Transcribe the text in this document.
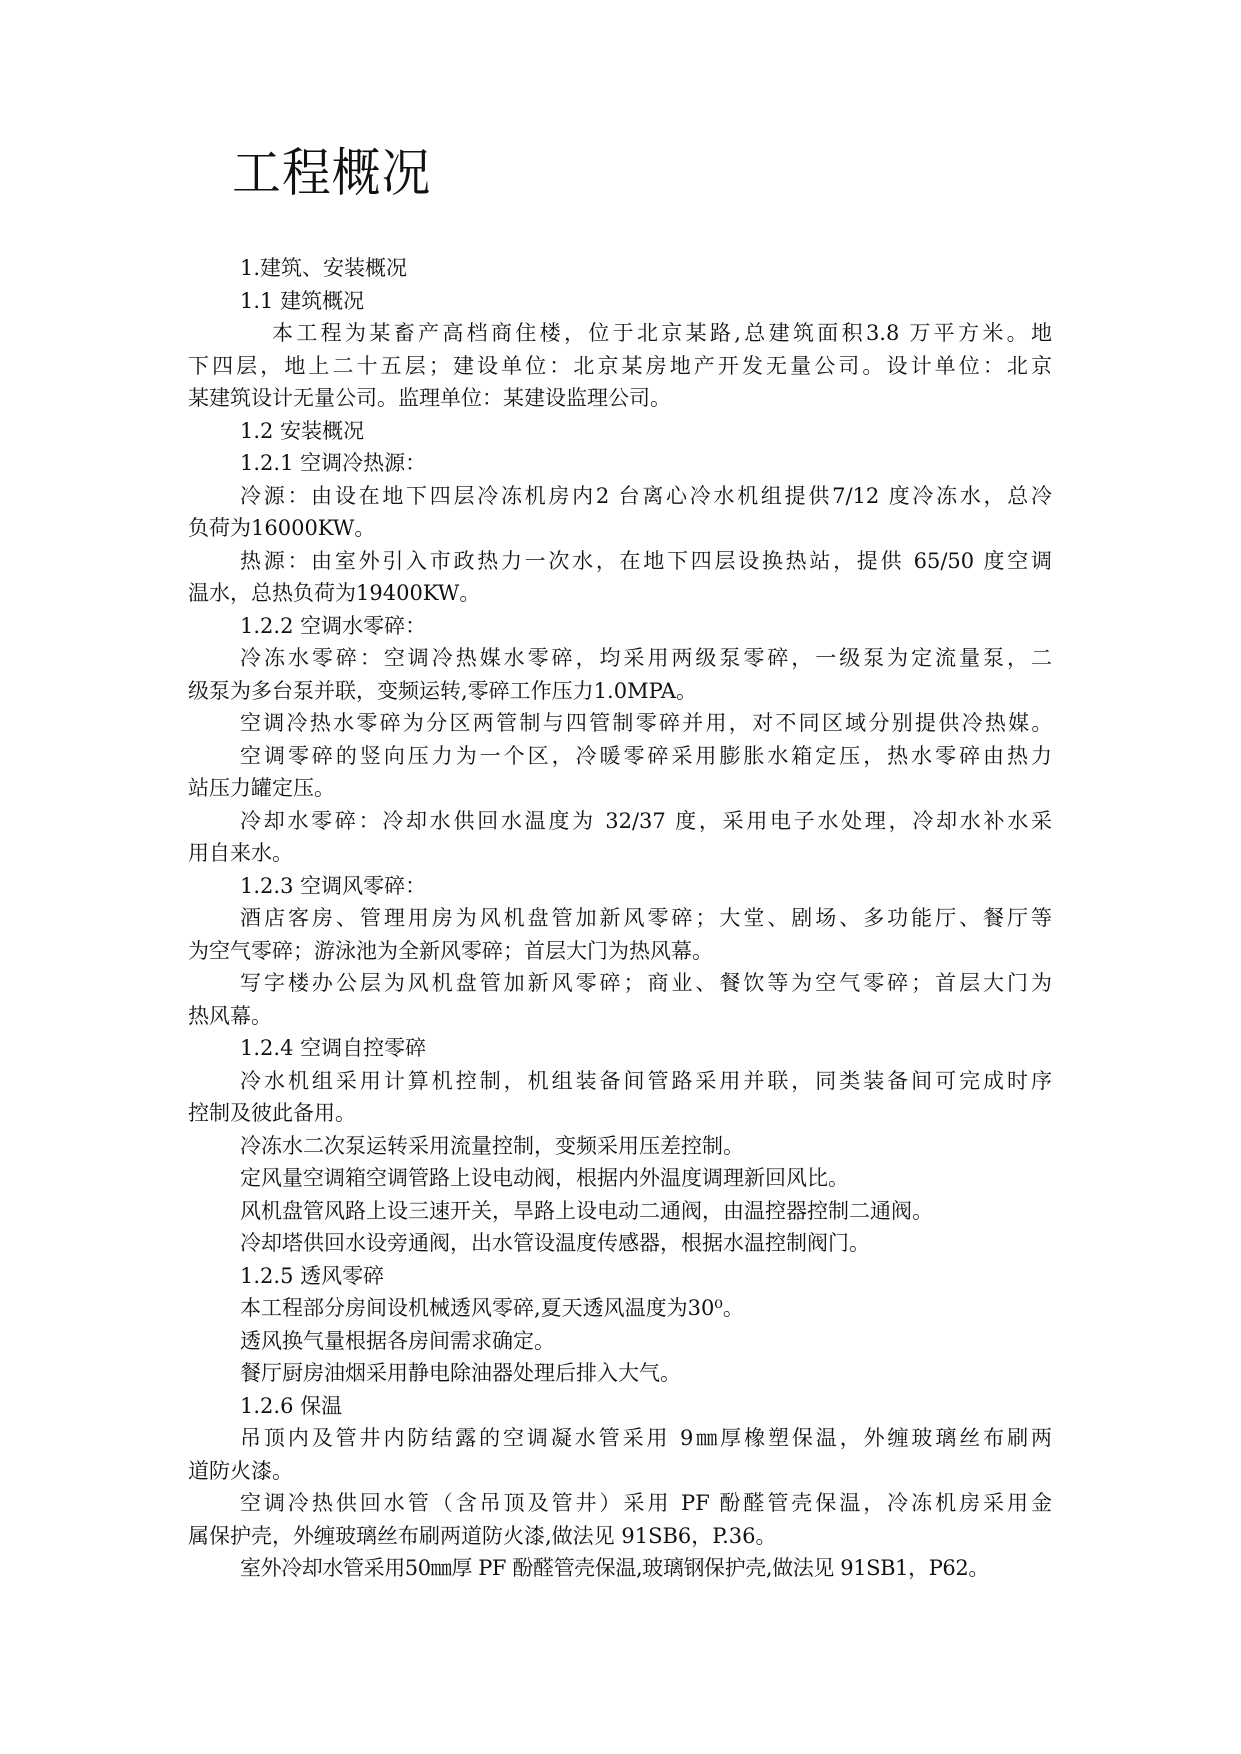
工程概况
1.建筑、安装概况
1.1 建筑概况
本工程为某畜产高档商住楼，位于北京某路,总建筑面积3.8 万平方米。地
下四层，地上二十五层；建设单位：北京某房地产开发无量公司。设计单位：北京
某建筑设计无量公司。监理单位：某建设监理公司。
1.2 安装概况
1.2.1 空调冷热源：
冷源：由设在地下四层冷冻机房内2 台离心冷水机组提供7/12 度冷冻水，总冷
负荷为16000KW。
热源：由室外引入市政热力一次水，在地下四层设换热站，提供 65/50 度空调
温水，总热负荷为19400KW。
1.2.2 空调水零碎：
冷冻水零碎：空调冷热媒水零碎，均采用两级泵零碎，一级泵为定流量泵，二
级泵为多台泵并联，变频运转,零碎工作压力1.0MPA。
空调冷热水零碎为分区两管制与四管制零碎并用，对不同区域分别提供冷热媒。
空调零碎的竖向压力为一个区，冷暖零碎采用膨胀水箱定压，热水零碎由热力
站压力罐定压。
冷却水零碎：冷却水供回水温度为 32/37 度，采用电子水处理，冷却水补水采
用自来水。
1.2.3 空调风零碎：
酒店客房、管理用房为风机盘管加新风零碎；大堂、剧场、多功能厅、餐厅等
为空气零碎；游泳池为全新风零碎；首层大门为热风幕。
写字楼办公层为风机盘管加新风零碎；商业、餐饮等为空气零碎；首层大门为
热风幕。
1.2.4 空调自控零碎
冷水机组采用计算机控制，机组装备间管路采用并联，同类装备间可完成时序
控制及彼此备用。
冷冻水二次泵运转采用流量控制，变频采用压差控制。
定风量空调箱空调管路上设电动阀，根据内外温度调理新回风比。
风机盘管风路上设三速开关，旱路上设电动二通阀，由温控器控制二通阀。
冷却塔供回水设旁通阀，出水管设温度传感器，根据水温控制阀门。
1.2.5 透风零碎
本工程部分房间设机械透风零碎,夏天透风温度为30⁰。
透风换气量根据各房间需求确定。
餐厅厨房油烟采用静电除油器处理后排入大气。
1.2.6 保温
吊顶内及管井内防结露的空调凝水管采用 9㎜厚橡塑保温，外缠玻璃丝布刷两
道防火漆。
空调冷热供回水管（含吊顶及管井）采用 PF 酚醛管壳保温，冷冻机房采用金
属保护壳，外缠玻璃丝布刷两道防火漆,做法见 91SB6，P.36。
室外冷却水管采用50㎜厚 PF 酚醛管壳保温,玻璃钢保护壳,做法见 91SB1，P62。
